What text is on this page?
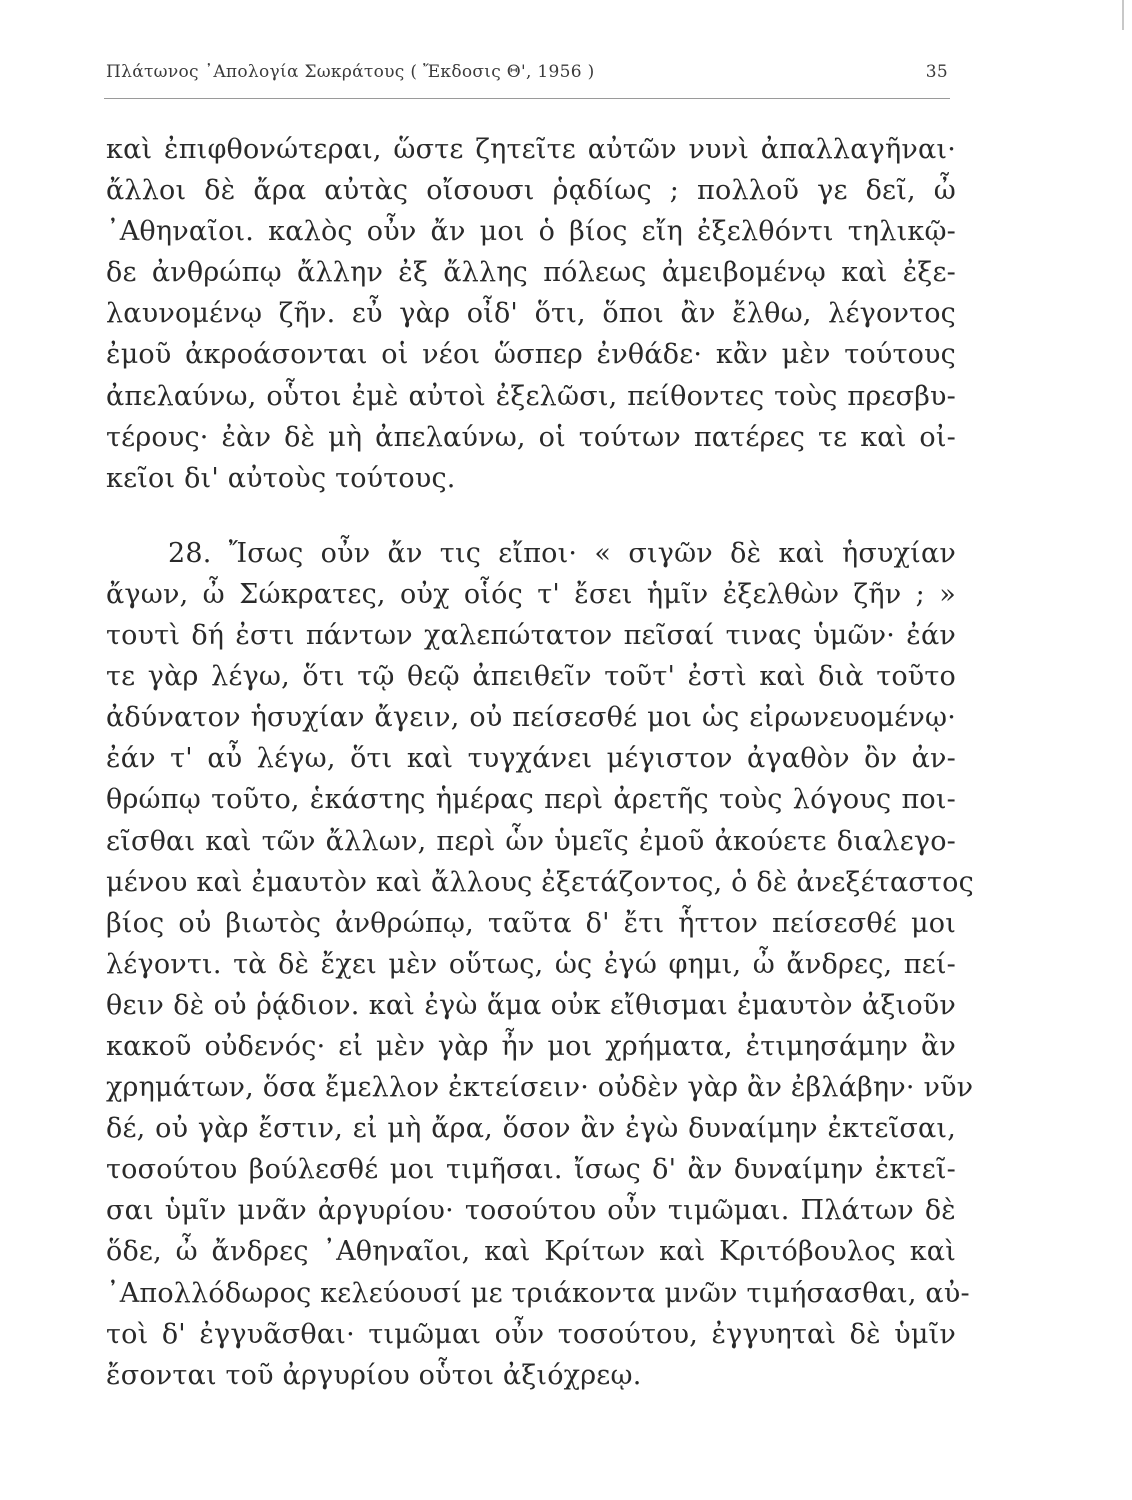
Πλάτωνος ᾿Απολογία Σωκράτους ( Ἔκδοσις Θ', 1956 )	35
καὶ ἐπιφθονώτεραι, ὥστε ζητεῖτε αὐτῶν νυνὶ ἀπαλλαγῆναι·
ἄλλοι δὲ ἄρα αὐτὰς οἴσουσι ῥᾳδίως ; πολλοῦ γε δεῖ, ὦ
᾿Αθηναῖοι. καλὸς οὖν ἄν μοι ὁ βίος εἴη ἐξελθόντι τηλικῷ-
δε ἀνθρώπῳ ἄλλην ἐξ ἄλλης πόλεως ἀμειβομένῳ καὶ ἐξε-
λαυνομένῳ ζῆν. εὖ γὰρ οἶδ' ὅτι, ὅποι ἂν ἔλθω, λέγοντος
ἐμοῦ ἀκροάσονται οἱ νέοι ὥσπερ ἐνθάδε· κἂν μὲν τούτους
ἀπελαύνω, οὗτοι ἐμὲ αὐτοὶ ἐξελῶσι, πείθοντες τοὺς πρεσβυ-
τέρους· ἐὰν δὲ μὴ ἀπελαύνω, οἱ τούτων πατέρες τε καὶ οἰ-
κεῖοι δι' αὐτοὺς τούτους.
28. Ἴσως οὖν ἄν τις εἴποι· « σιγῶν δὲ καὶ ἡσυχίαν
ἄγων, ὦ Σώκρατες, οὐχ οἷός τ' ἔσει ἡμῖν ἐξελθὼν ζῆν ; »
τουτὶ δή ἐστι πάντων χαλεπώτατον πεῖσαί τινας ὑμῶν· ἐάν
τε γὰρ λέγω, ὅτι τῷ θεῷ ἀπειθεῖν τοῦτ' ἐστὶ καὶ διὰ τοῦτο
ἀδύνατον ἡσυχίαν ἄγειν, οὐ πείσεσθέ μοι ὡς εἰρωνευομένῳ·
ἐάν τ' αὖ λέγω, ὅτι καὶ τυγχάνει μέγιστον ἀγαθὸν ὂν ἀν-
θρώπῳ τοῦτο, ἑκάστης ἡμέρας περὶ ἀρετῆς τοὺς λόγους ποι-
εῖσθαι καὶ τῶν ἄλλων, περὶ ὧν ὑμεῖς ἐμοῦ ἀκούετε διαλεγο-
μένου καὶ ἐμαυτὸν καὶ ἄλλους ἐξετάζοντος, ὁ δὲ ἀνεξέταστος
βίος οὐ βιωτὸς ἀνθρώπῳ, ταῦτα δ' ἔτι ἧττον πείσεσθέ μοι
λέγοντι. τὰ δὲ ἔχει μὲν οὕτως, ὡς ἐγώ φημι, ὦ ἄνδρες, πεί-
θειν δὲ οὐ ῥᾴδιον. καὶ ἐγὼ ἅμα οὐκ εἴθισμαι ἐμαυτὸν ἀξιοῦν
κακοῦ οὐδενός· εἰ μὲν γὰρ ἦν μοι χρήματα, ἐτιμησάμην ἂν
χρημάτων, ὅσα ἔμελλον ἐκτείσειν· οὐδὲν γὰρ ἂν ἐβλάβην· νῦν
δέ, οὐ γὰρ ἔστιν, εἰ μὴ ἄρα, ὅσον ἂν ἐγὼ δυναίμην ἐκτεῖσαι,
τοσούτου βούλεσθέ μοι τιμῆσαι. ἴσως δ' ἂν δυναίμην ἐκτεῖ-
σαι ὑμῖν μνᾶν ἀργυρίου· τοσούτου οὖν τιμῶμαι. Πλάτων δὲ
ὅδε, ὦ ἄνδρες ᾿Αθηναῖοι, καὶ Κρίτων καὶ Κριτόβουλος καὶ
᾿Απολλόδωρος κελεύουσί με τριάκοντα μνῶν τιμήσασθαι, αὐ-
τοὶ δ' ἐγγυᾶσθαι· τιμῶμαι οὖν τοσούτου, ἐγγυηταὶ δὲ ὑμῖν
ἔσονται τοῦ ἀργυρίου οὗτοι ἀξιόχρεῳ.
